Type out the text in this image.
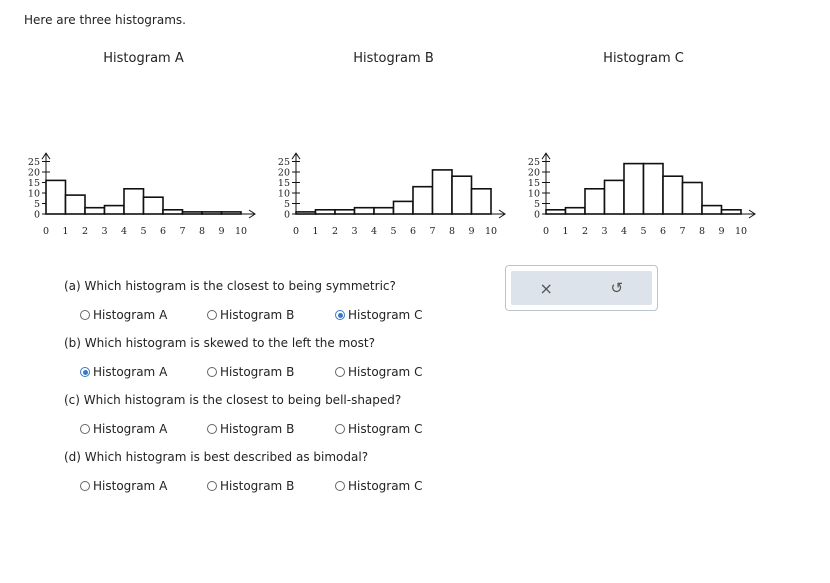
Here are three histograms.
Histogram A
0
5
10
15
20
25
0 1 2 3 4 5 6 7 8 9 10
Histogram B
0
5
10
15
20
25
0 1 2 3 4 5 6 7 8 9 10
Histogram C
0
5
10
15
20
25
0 1 2 3 4 5 6 7 8 9 10
(a) Which histogram is the closest to being symmetric?
Histogram A	Histogram B	Histogram C
(b) Which histogram is skewed to the left the most?
Histogram A	Histogram B	Histogram C
(c) Which histogram is the closest to being bell-shaped?
Histogram A	Histogram B	Histogram C
(d) Which histogram is best described as bimodal?
Histogram A	Histogram B	Histogram C
×	↺
